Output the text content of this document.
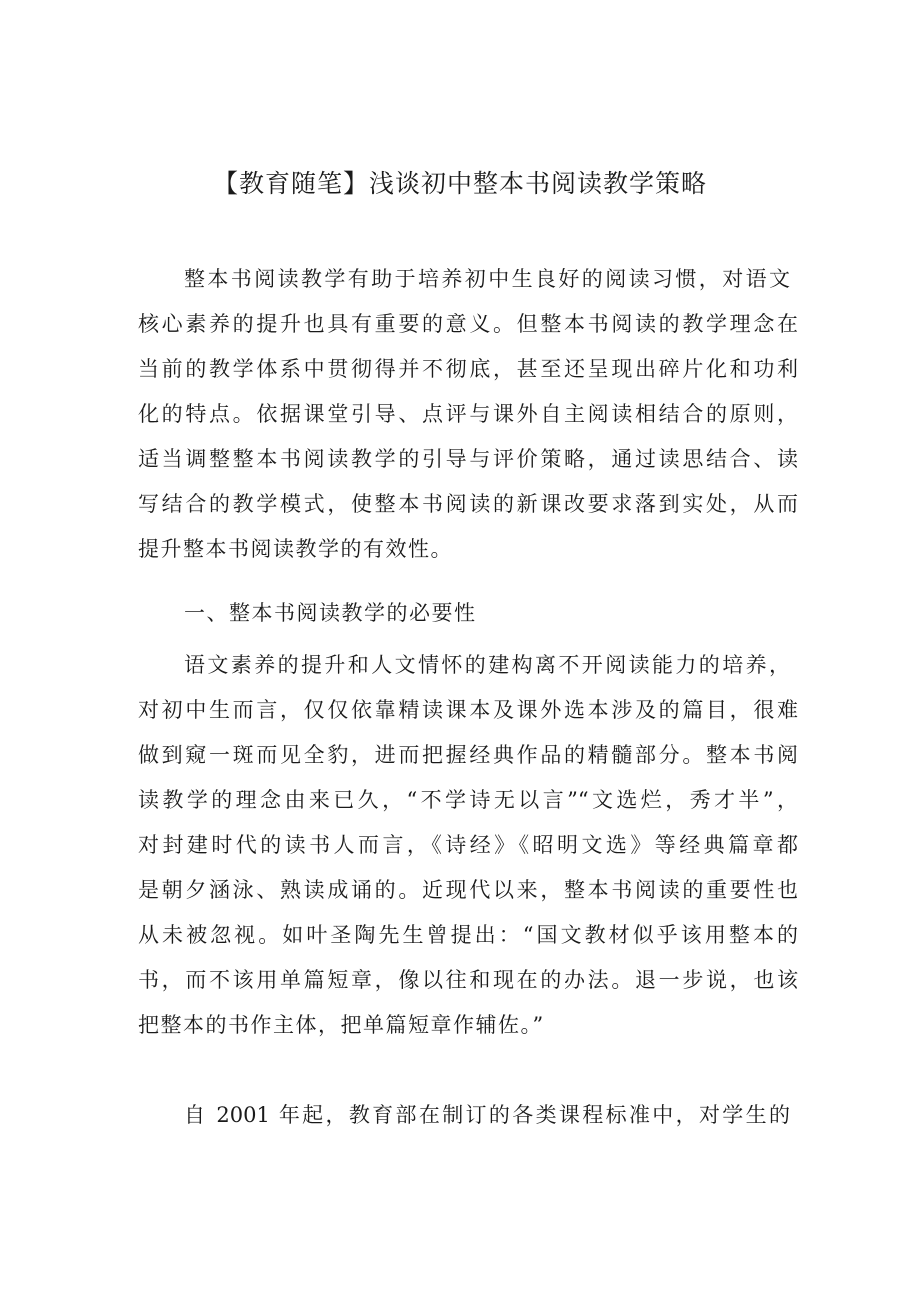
【教育随笔】浅谈初中整本书阅读教学策略

整本书阅读教学有助于培养初中生良好的阅读习惯，对语文

核心素养的提升也具有重要的意义。但整本书阅读的教学理念在

当前的教学体系中贯彻得并不彻底，甚至还呈现出碎片化和功利

化的特点。依据课堂引导、点评与课外自主阅读相结合的原则，

适当调整整本书阅读教学的引导与评价策略，通过读思结合、读

写结合的教学模式，使整本书阅读的新课改要求落到实处，从而

提升整本书阅读教学的有效性。

一、整本书阅读教学的必要性

语文素养的提升和人文情怀的建构离不开阅读能力的培养，

对初中生而言，仅仅依靠精读课本及课外选本涉及的篇目，很难

做到窥一斑而见全豹，进而把握经典作品的精髓部分。整本书阅

读教学的理念由来已久，“不学诗无以言”“文选烂，秀才半”，

对封建时代的读书人而言，《诗经》《昭明文选》等经典篇章都

是朝夕涵泳、熟读成诵的。近现代以来，整本书阅读的重要性也

从未被忽视。如叶圣陶先生曾提出：“国文教材似乎该用整本的

书，而不该用单篇短章，像以往和现在的办法。退一步说，也该

把整本的书作主体，把单篇短章作辅佐。”

自 2001 年起，教育部在制订的各类课程标准中，对学生的
